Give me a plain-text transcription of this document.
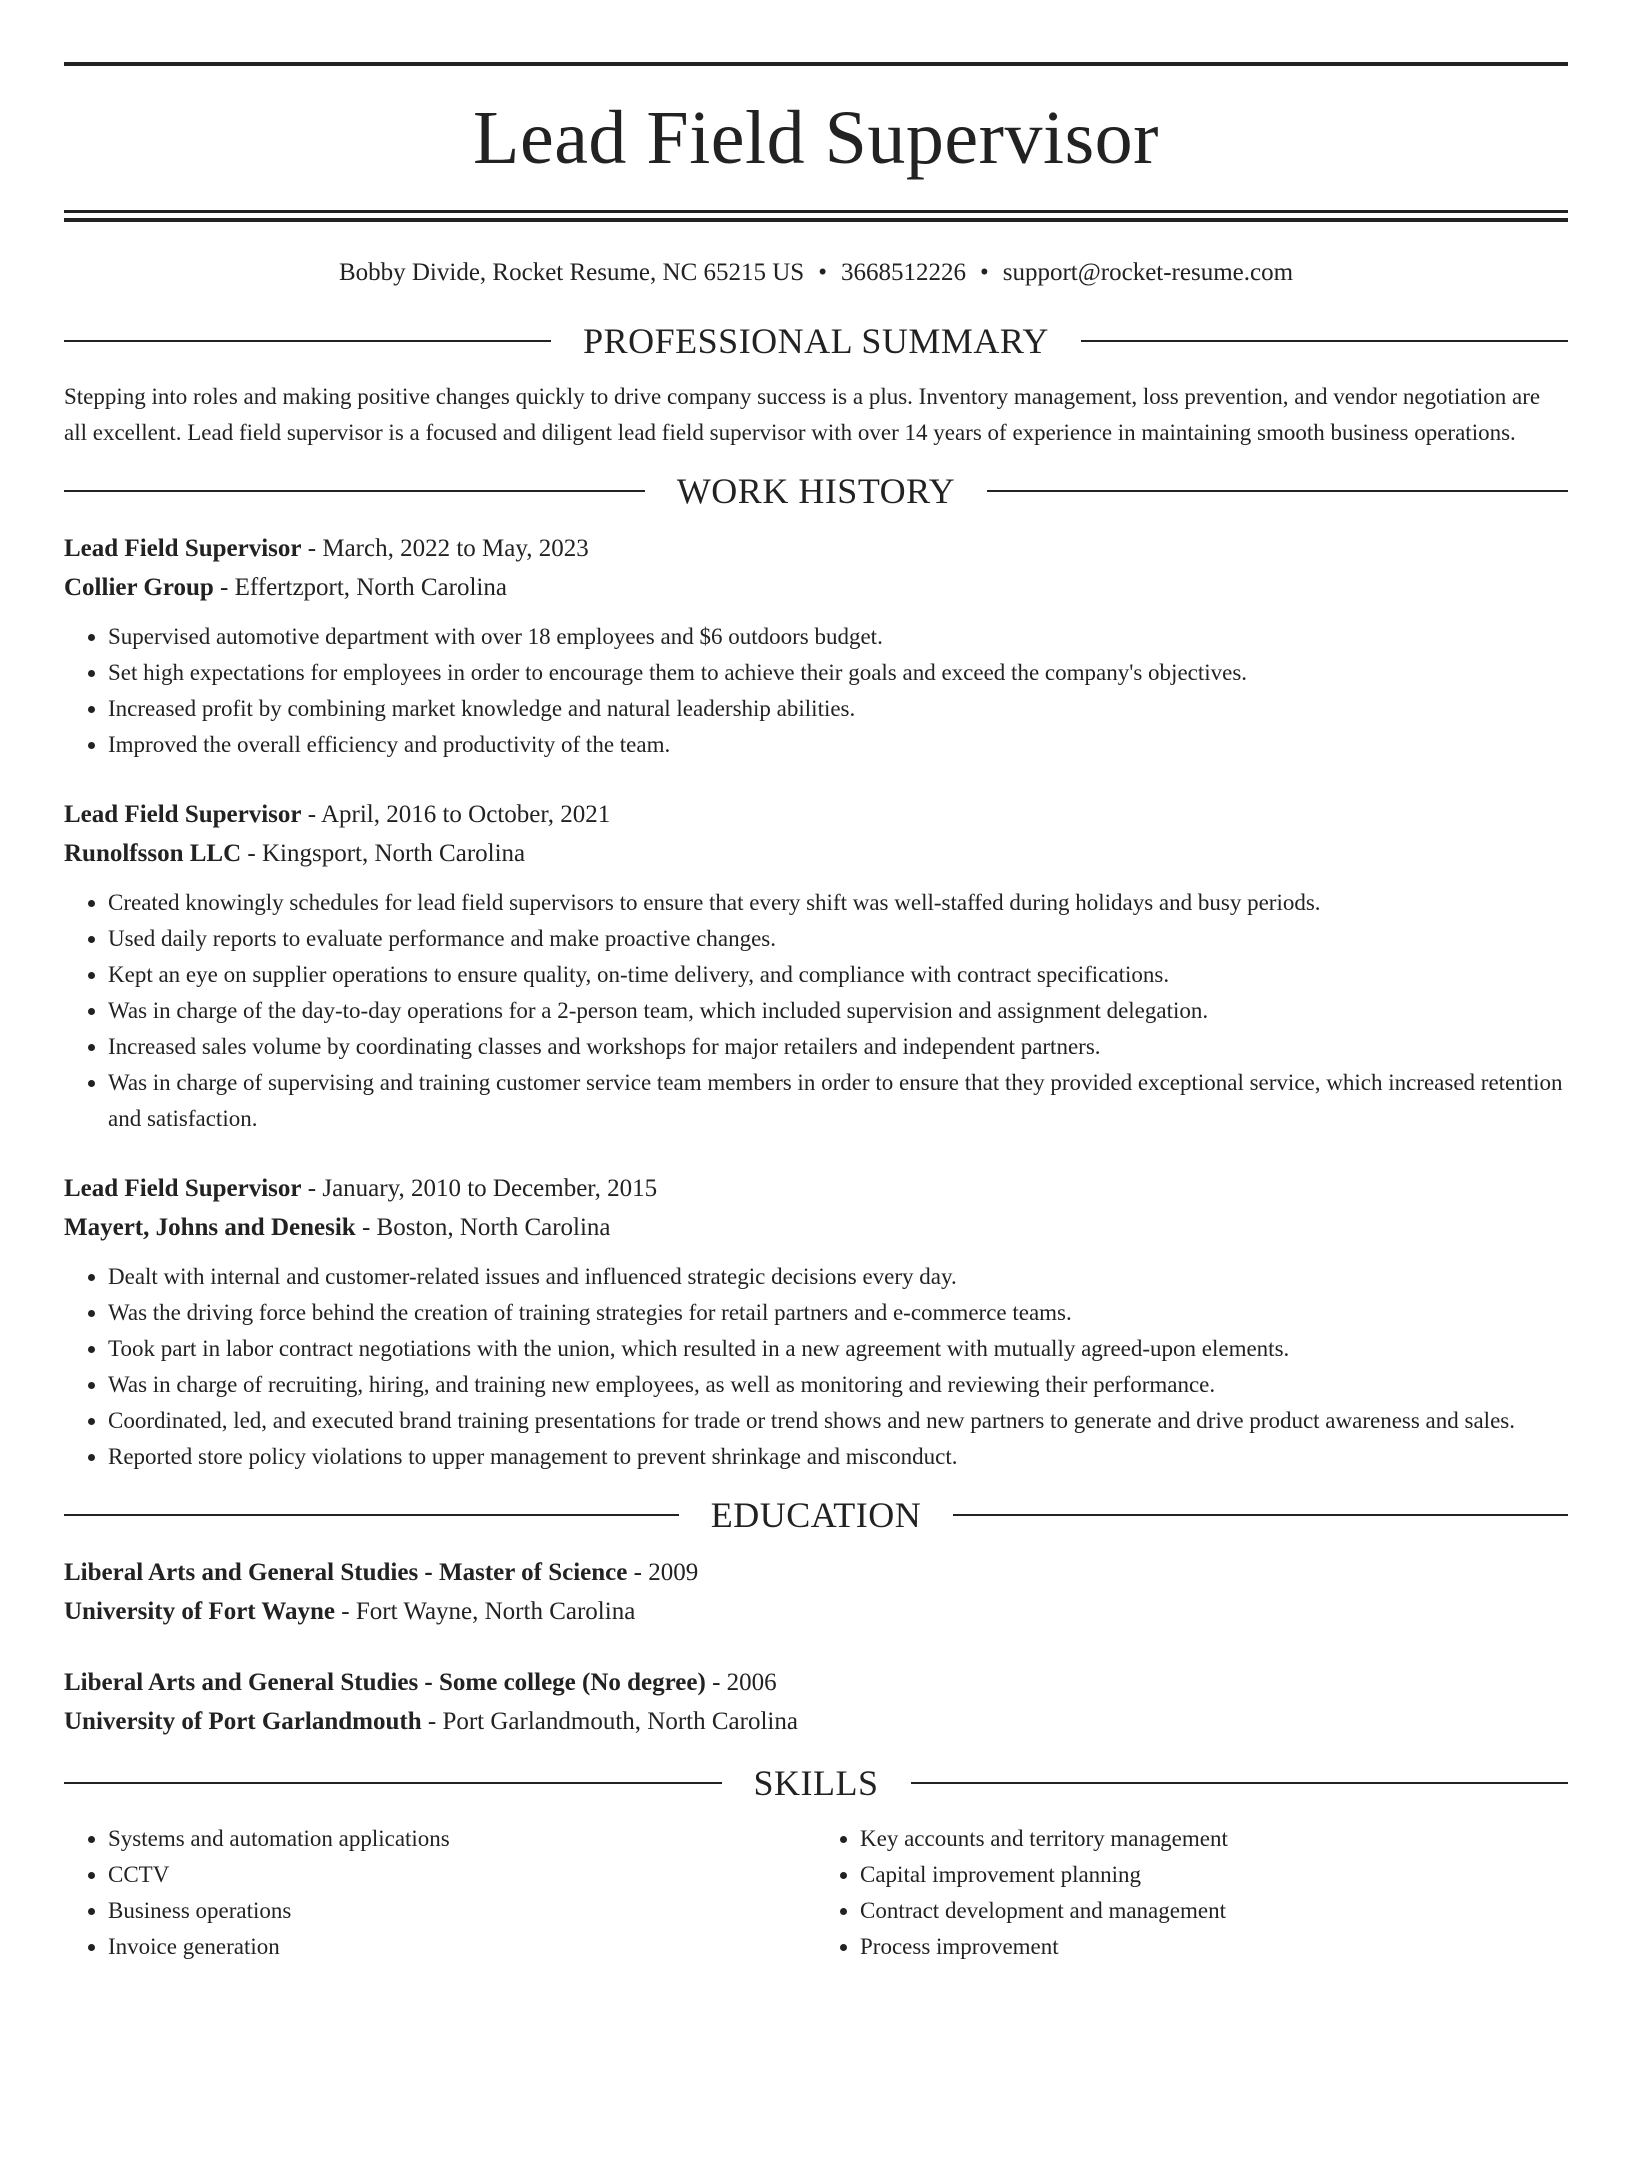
Lead Field Supervisor
Bobby Divide, Rocket Resume, NC 65215 US • 3668512226 • support@rocket-resume.com
PROFESSIONAL SUMMARY
Stepping into roles and making positive changes quickly to drive company success is a plus. Inventory management, loss prevention, and vendor negotiation are all excellent. Lead field supervisor is a focused and diligent lead field supervisor with over 14 years of experience in maintaining smooth business operations.
WORK HISTORY
Lead Field Supervisor - March, 2022 to May, 2023
Collier Group - Effertzport, North Carolina
• Supervised automotive department with over 18 employees and $6 outdoors budget.
• Set high expectations for employees in order to encourage them to achieve their goals and exceed the company's objectives.
• Increased profit by combining market knowledge and natural leadership abilities.
• Improved the overall efficiency and productivity of the team.
Lead Field Supervisor - April, 2016 to October, 2021
Runolfsson LLC - Kingsport, North Carolina
• Created knowingly schedules for lead field supervisors to ensure that every shift was well-staffed during holidays and busy periods.
• Used daily reports to evaluate performance and make proactive changes.
• Kept an eye on supplier operations to ensure quality, on-time delivery, and compliance with contract specifications.
• Was in charge of the day-to-day operations for a 2-person team, which included supervision and assignment delegation.
• Increased sales volume by coordinating classes and workshops for major retailers and independent partners.
• Was in charge of supervising and training customer service team members in order to ensure that they provided exceptional service, which increased retention and satisfaction.
Lead Field Supervisor - January, 2010 to December, 2015
Mayert, Johns and Denesik - Boston, North Carolina
• Dealt with internal and customer-related issues and influenced strategic decisions every day.
• Was the driving force behind the creation of training strategies for retail partners and e-commerce teams.
• Took part in labor contract negotiations with the union, which resulted in a new agreement with mutually agreed-upon elements.
• Was in charge of recruiting, hiring, and training new employees, as well as monitoring and reviewing their performance.
• Coordinated, led, and executed brand training presentations for trade or trend shows and new partners to generate and drive product awareness and sales.
• Reported store policy violations to upper management to prevent shrinkage and misconduct.
EDUCATION
Liberal Arts and General Studies - Master of Science - 2009
University of Fort Wayne - Fort Wayne, North Carolina
Liberal Arts and General Studies - Some college (No degree) - 2006
University of Port Garlandmouth - Port Garlandmouth, North Carolina
SKILLS
• Systems and automation applications
• CCTV
• Business operations
• Invoice generation
• Key accounts and territory management
• Capital improvement planning
• Contract development and management
• Process improvement
